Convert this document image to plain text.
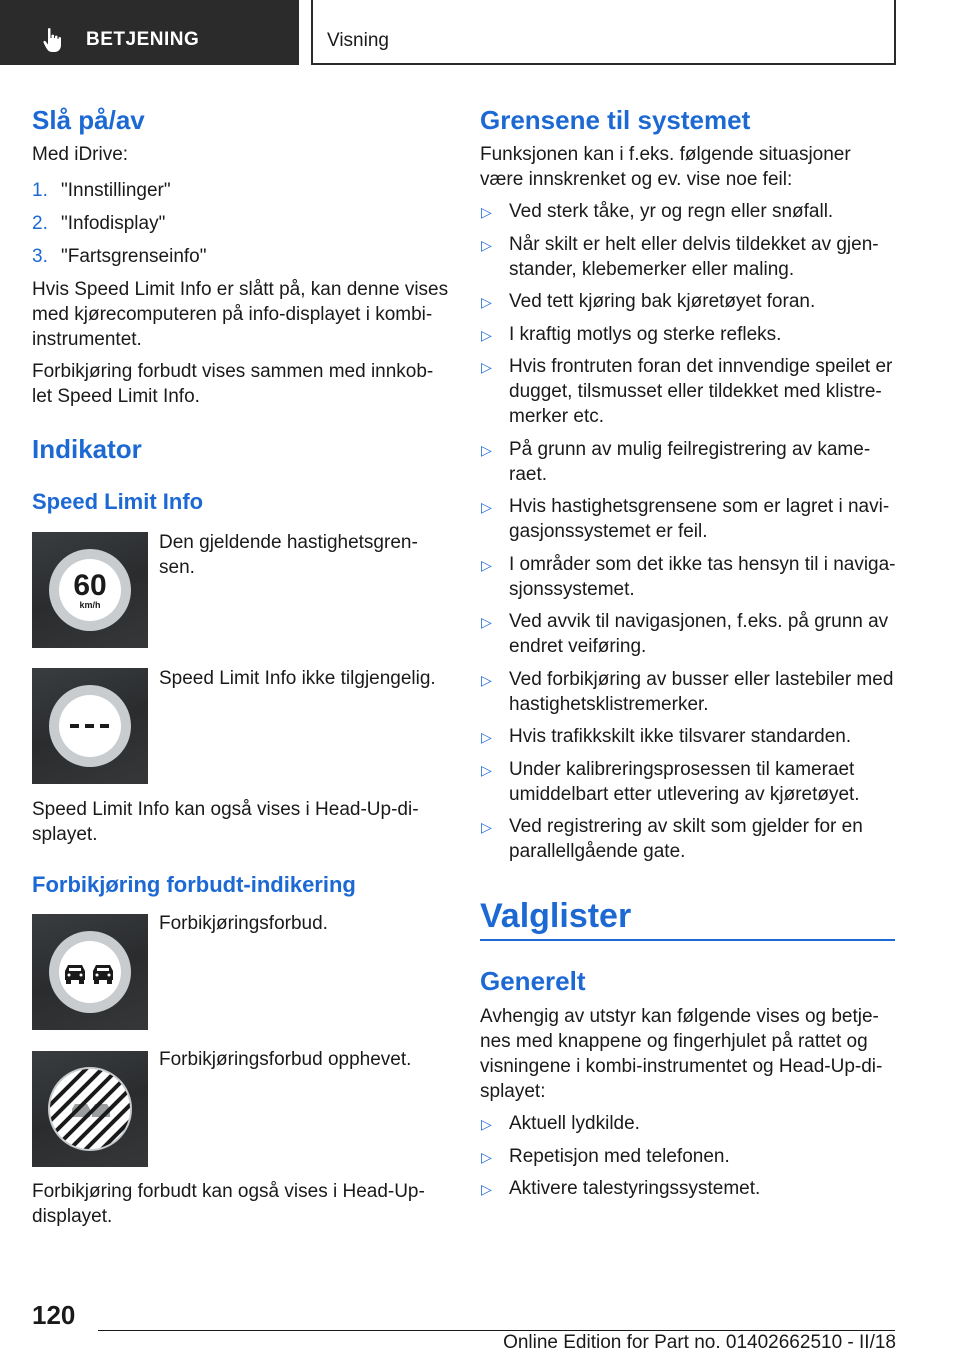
BETJENING	Visning
Slå på/av
Med iDrive:
1. "Innstillinger"
2. "Infodisplay"
3. "Fartsgrenseinfo"
Hvis Speed Limit Info er slått på, kan denne vises
med kjørecomputeren på info‑displayet i kombi‑
instrumentet.
Forbikjøring forbudt vises sammen med innkob‑
let Speed Limit Info.
Indikator
Speed Limit Info
60
km/h
Den gjeldende hastighetsgren‑
sen.
Speed Limit Info ikke tilgjengelig.
Speed Limit Info kan også vises i Head‑Up‑di‑
splayet.
Forbikjøring forbudt‑indikering
Forbikjøringsforbud.
Forbikjøringsforbud opphevet.
Forbikjøring forbudt kan også vises i Head‑Up‑
displayet.
Grensene til systemet
Funksjonen kan i f.eks. følgende situasjoner
være innskrenket og ev. vise noe feil:
▷ Ved sterk tåke, yr og regn eller snøfall.
▷ Når skilt er helt eller delvis tildekket av gjen‑
stander, klebemerker eller maling.
▷ Ved tett kjøring bak kjøretøyet foran.
▷ I kraftig motlys og sterke refleks.
▷ Hvis frontruten foran det innvendige speilet er
dugget, tilsmusset eller tildekket med klistre‑
merker etc.
▷ På grunn av mulig feilregistrering av kame‑
raet.
▷ Hvis hastighetsgrensene som er lagret i navi‑
gasjonssystemet er feil.
▷ I områder som det ikke tas hensyn til i naviga‑
sjonssystemet.
▷ Ved avvik til navigasjonen, f.eks. på grunn av
endret veiføring.
▷ Ved forbikjøring av busser eller lastebiler med
hastighetsklistremerker.
▷ Hvis trafikkskilt ikke tilsvarer standarden.
▷ Under kalibreringsprosessen til kameraet
umiddelbart etter utlevering av kjøretøyet.
▷ Ved registrering av skilt som gjelder for en
parallellgående gate.
Valglister
Generelt
Avhengig av utstyr kan følgende vises og betje‑
nes med knappene og fingerhjulet på rattet og
visningene i kombi‑instrumentet og Head‑Up‑di‑
splayet:
▷ Aktuell lydkilde.
▷ Repetisjon med telefonen.
▷ Aktivere talestyringssystemet.
120
Online Edition for Part no. 01402662510 - II/18
